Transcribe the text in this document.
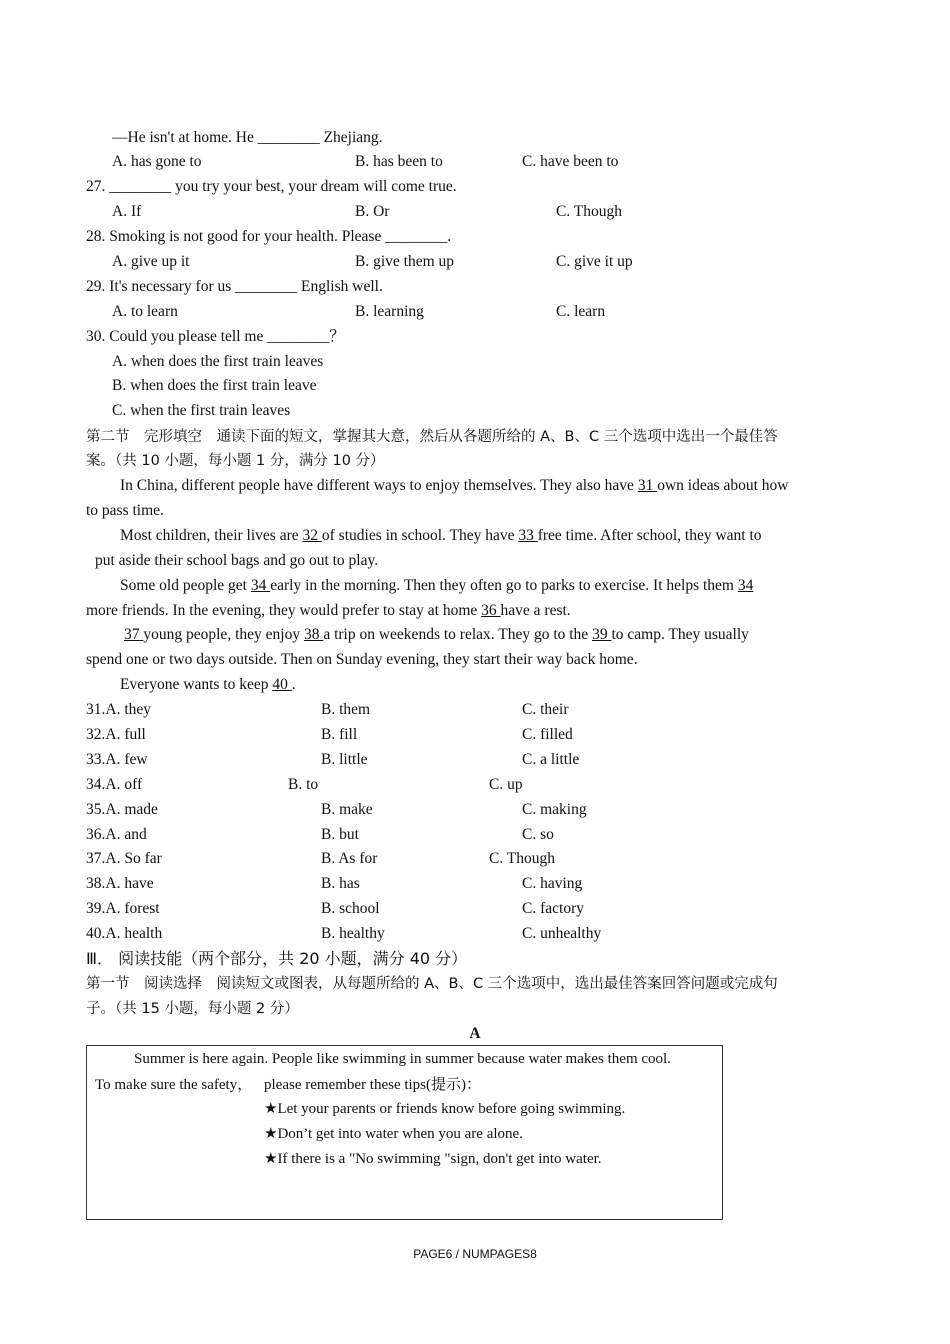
—He isn't at home. He ________ Zhejiang.
A. has gone to	B. has been to	C. have been to
27. ________ you try your best, your dream will come true.
A. If	B. Or	C. Though
28. Smoking is not good for your health. Please ________.
A. give up it	B. give them up	C. give it up
29. It's necessary for us ________ English well.
A. to learn	B. learning	C. learn
30. Could you please tell me ________？
A. when does the first train leaves
B. when does the first train leave
C. when the first train leaves
第二节　完形填空　通读下面的短文，掌握其大意，然后从各题所给的 A、B、C 三个选项中选出一个最佳答
案。（共 10 小题，每小题 1 分，满分 10 分）
In China, different people have different ways to enjoy themselves. They also have 31 own ideas about how
to pass time.
Most children, their lives are 32 of studies in school. They have 33 free time. After school, they want to
put aside their school bags and go out to play.
Some old people get 34 early in the morning. Then they often go to parks to exercise. It helps them 34
more friends. In the evening, they would prefer to stay at home 36 have a rest.
37 young people, they enjoy 38 a trip on weekends to relax. They go to the 39 to camp. They usually
spend one or two days outside. Then on Sunday evening, they start their way back home.
Everyone wants to keep 40 .
31.A. they	B. them	C. their
32.A. full	B. fill	C. filled
33.A. few	B. little	C. a little
34.A. off	B. to	C. up
35.A. made	B. make	C. making
36.A. and	B. but	C. so
37.A. So far	B. As for	C. Though
38.A. have	B. has	C. having
39.A. forest	B. school	C. factory
40.A. health	B. healthy	C. unhealthy
Ⅲ． 阅读技能（两个部分，共 20 小题，满分 40 分）
第一节　阅读选择　阅读短文或图表，从每题所给的 A、B、C 三个选项中，选出最佳答案回答问题或完成句
子。（共 15 小题，每小题 2 分）
A
Summer is here again. People like swimming in summer because water makes them cool.
To make sure the safety， please remember these tips(提示)：
★Let your parents or friends know before going swimming.
★Don’t get into water when you are alone.
★If there is a "No swimming "sign, don't get into water.
PAGE6 / NUMPAGES8
